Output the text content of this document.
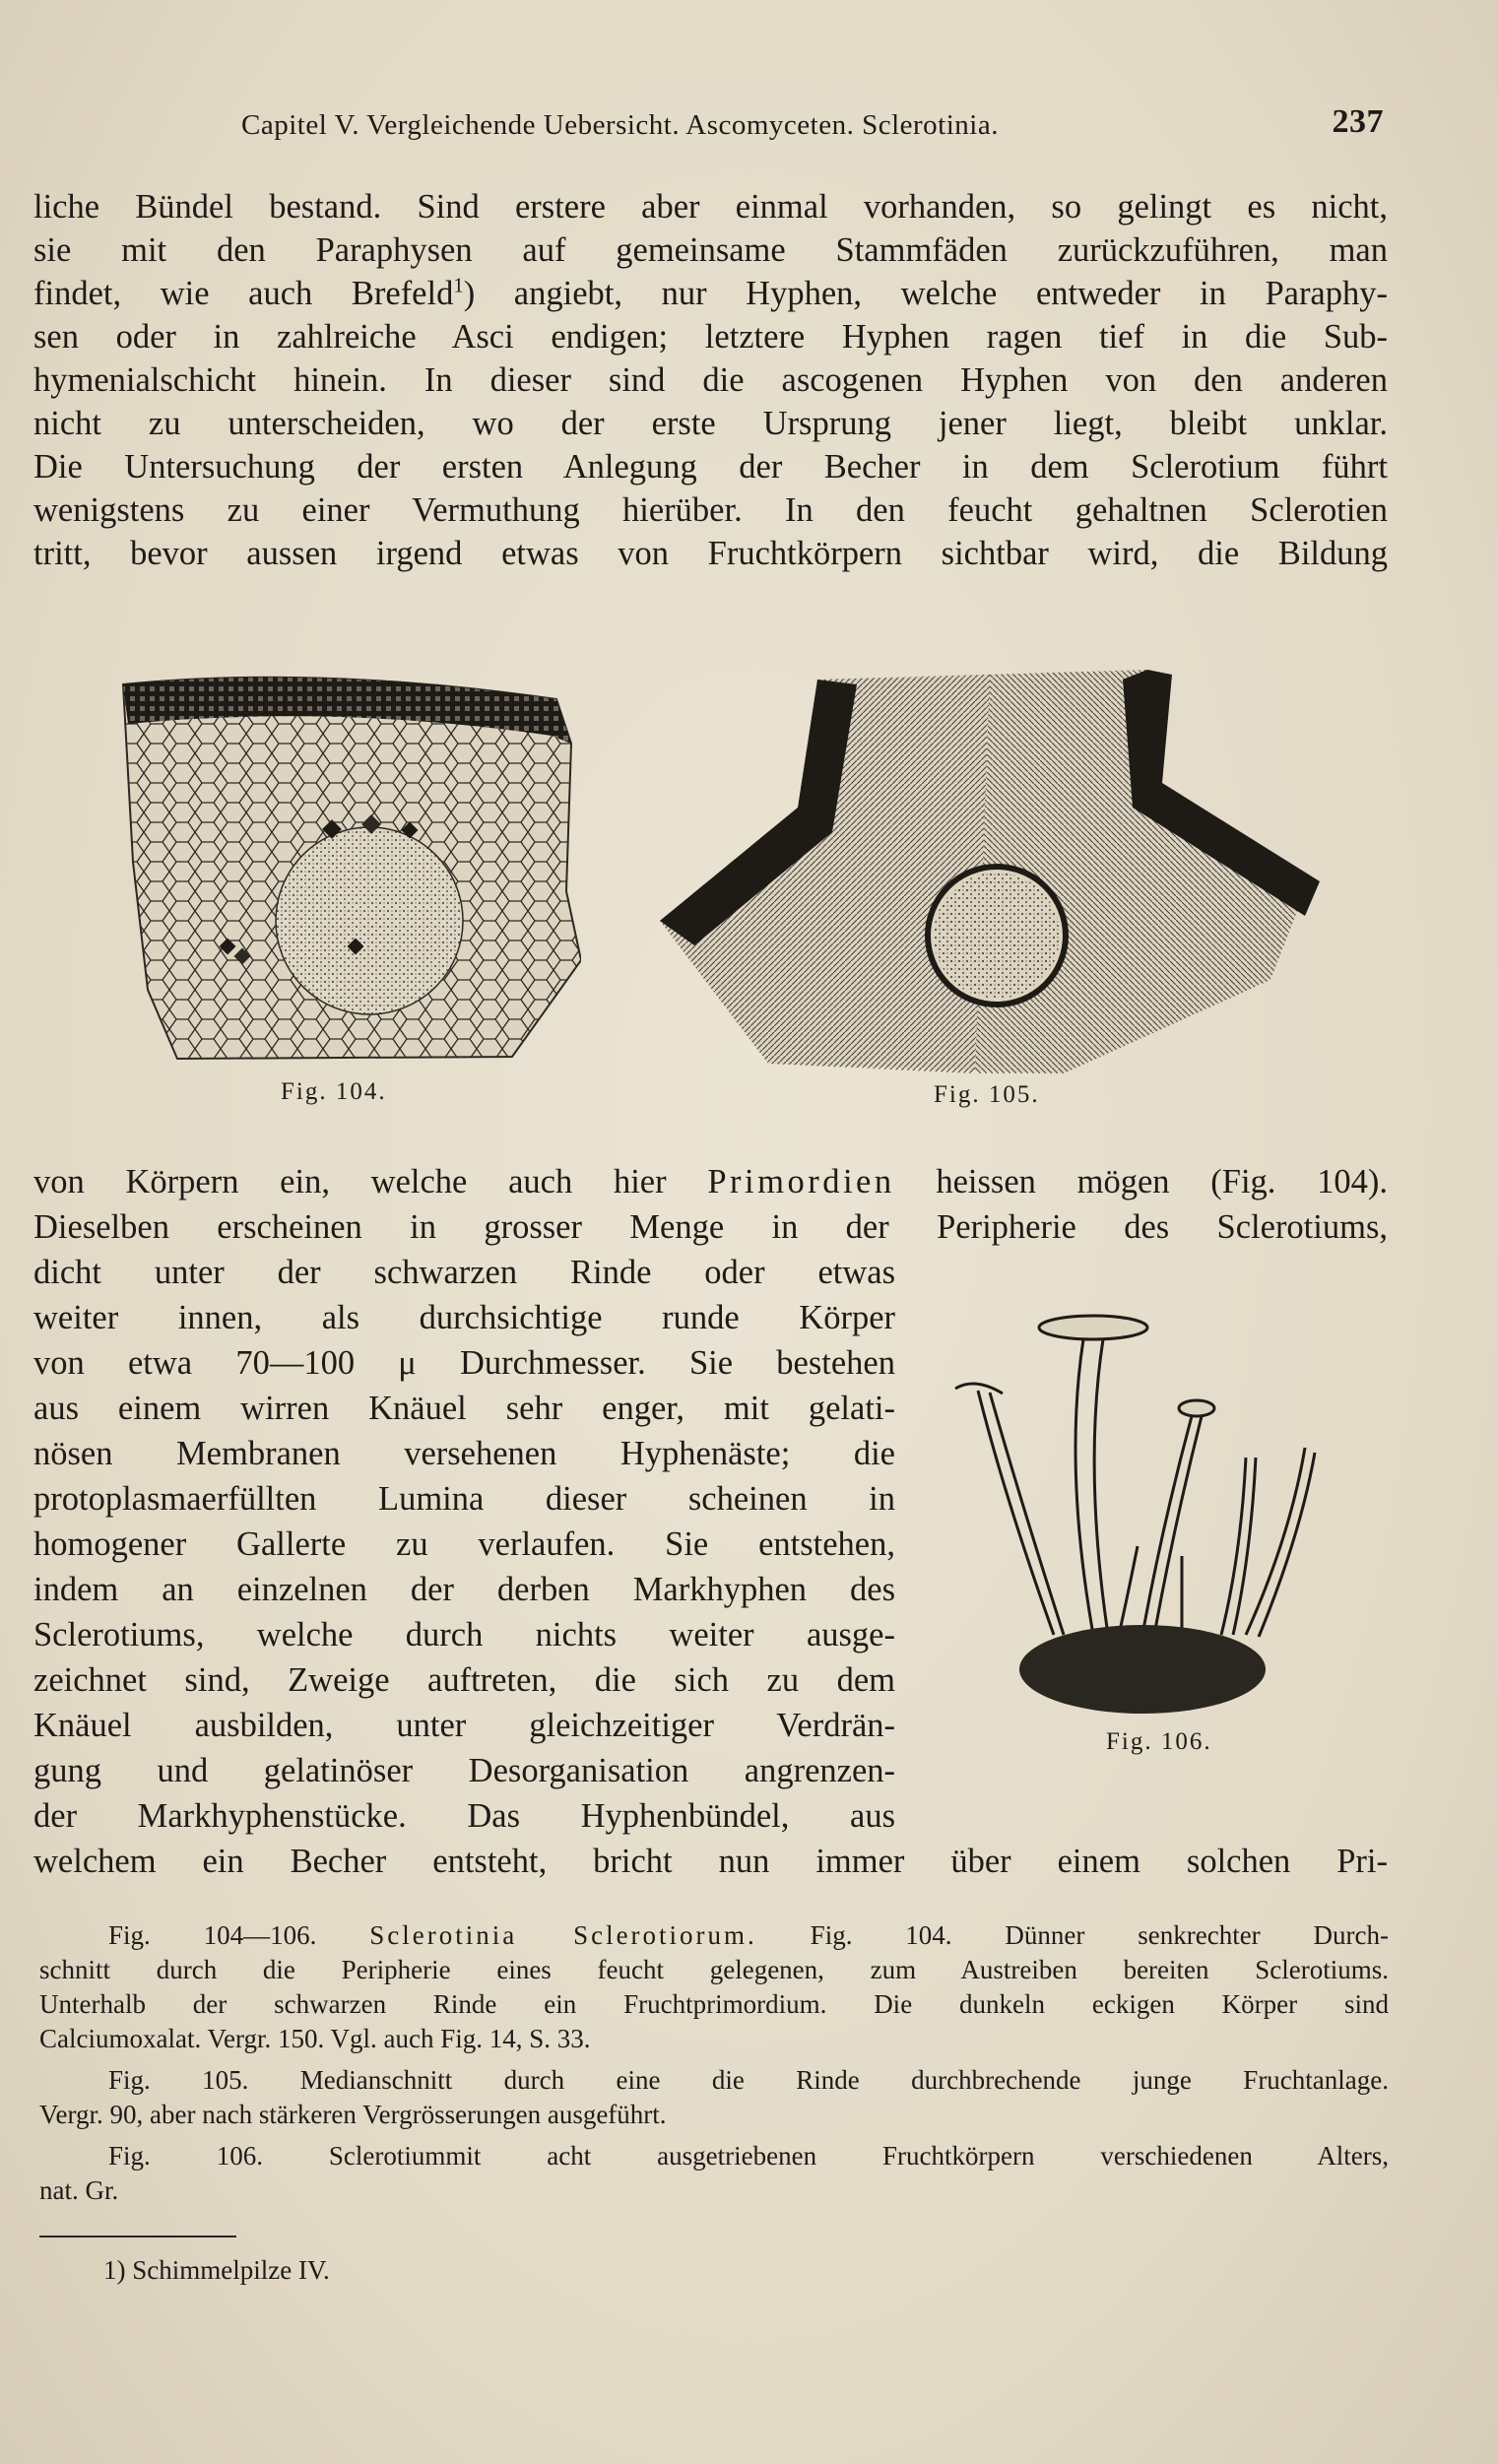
Capitel V. Vergleichende Uebersicht. Ascomyceten. Sclerotinia.	237
liche Bündel bestand. Sind erstere aber einmal vorhanden, so gelingt es nicht,
sie mit den Paraphysen auf gemeinsame Stammfäden zurückzuführen, man
findet, wie auch Brefeld$^1$) angiebt, nur Hyphen, welche entweder in Paraphy-
sen oder in zahlreiche Asci endigen; letztere Hyphen ragen tief in die Sub-
hymenialschicht hinein. In dieser sind die ascogenen Hyphen von den anderen
nicht zu unterscheiden, wo der erste Ursprung jener liegt, bleibt unklar.
Die Untersuchung der ersten Anlegung der Becher in dem Sclerotium führt
wenigstens zu einer Vermuthung hierüber. In den feucht gehaltnen Sclerotien
tritt, bevor aussen irgend etwas von Fruchtkörpern sichtbar wird, die Bildung
Fig. 104.	Fig. 105.
von Körpern ein, welche auch hier Primordien heissen mögen (Fig. 104).
Dieselben erscheinen in grosser Menge in der Peripherie des Sclerotiums,
dicht unter der schwarzen Rinde oder etwas
weiter innen, als durchsichtige runde Körper
von etwa 70—100 μ Durchmesser. Sie bestehen
aus einem wirren Knäuel sehr enger, mit gelati-
nösen Membranen versehenen Hyphenäste; die
protoplasmaerfüllten Lumina dieser scheinen in
homogener Gallerte zu verlaufen. Sie entstehen,
indem an einzelnen der derben Markhyphen des
Sclerotiums, welche durch nichts weiter ausge-
zeichnet sind, Zweige auftreten, die sich zu dem
Knäuel ausbilden, unter gleichzeitiger Verdrän-
gung und gelatinöser Desorganisation angrenzen-
der Markhyphenstücke. Das Hyphenbündel, aus
welchem ein Becher entsteht, bricht nun immer über einem solchen Pri-
Fig. 106.
Fig. 104—106. Sclerotinia Sclerotiorum. Fig. 104. Dünner senkrechter Durch-
schnitt durch die Peripherie eines feucht gelegenen, zum Austreiben bereiten Sclerotiums.
Unterhalb der schwarzen Rinde ein Fruchtprimordium. Die dunkeln eckigen Körper sind
Calciumoxalat. Vergr. 150. Vgl. auch Fig. 14, S. 33.
Fig. 105. Medianschnitt durch eine die Rinde durchbrechende junge Fruchtanlage.
Vergr. 90, aber nach stärkeren Vergrösserungen ausgeführt.
Fig. 106. Sclerotiummit acht ausgetriebenen Fruchtkörpern verschiedenen Alters,
nat. Gr.
1) Schimmelpilze IV.
